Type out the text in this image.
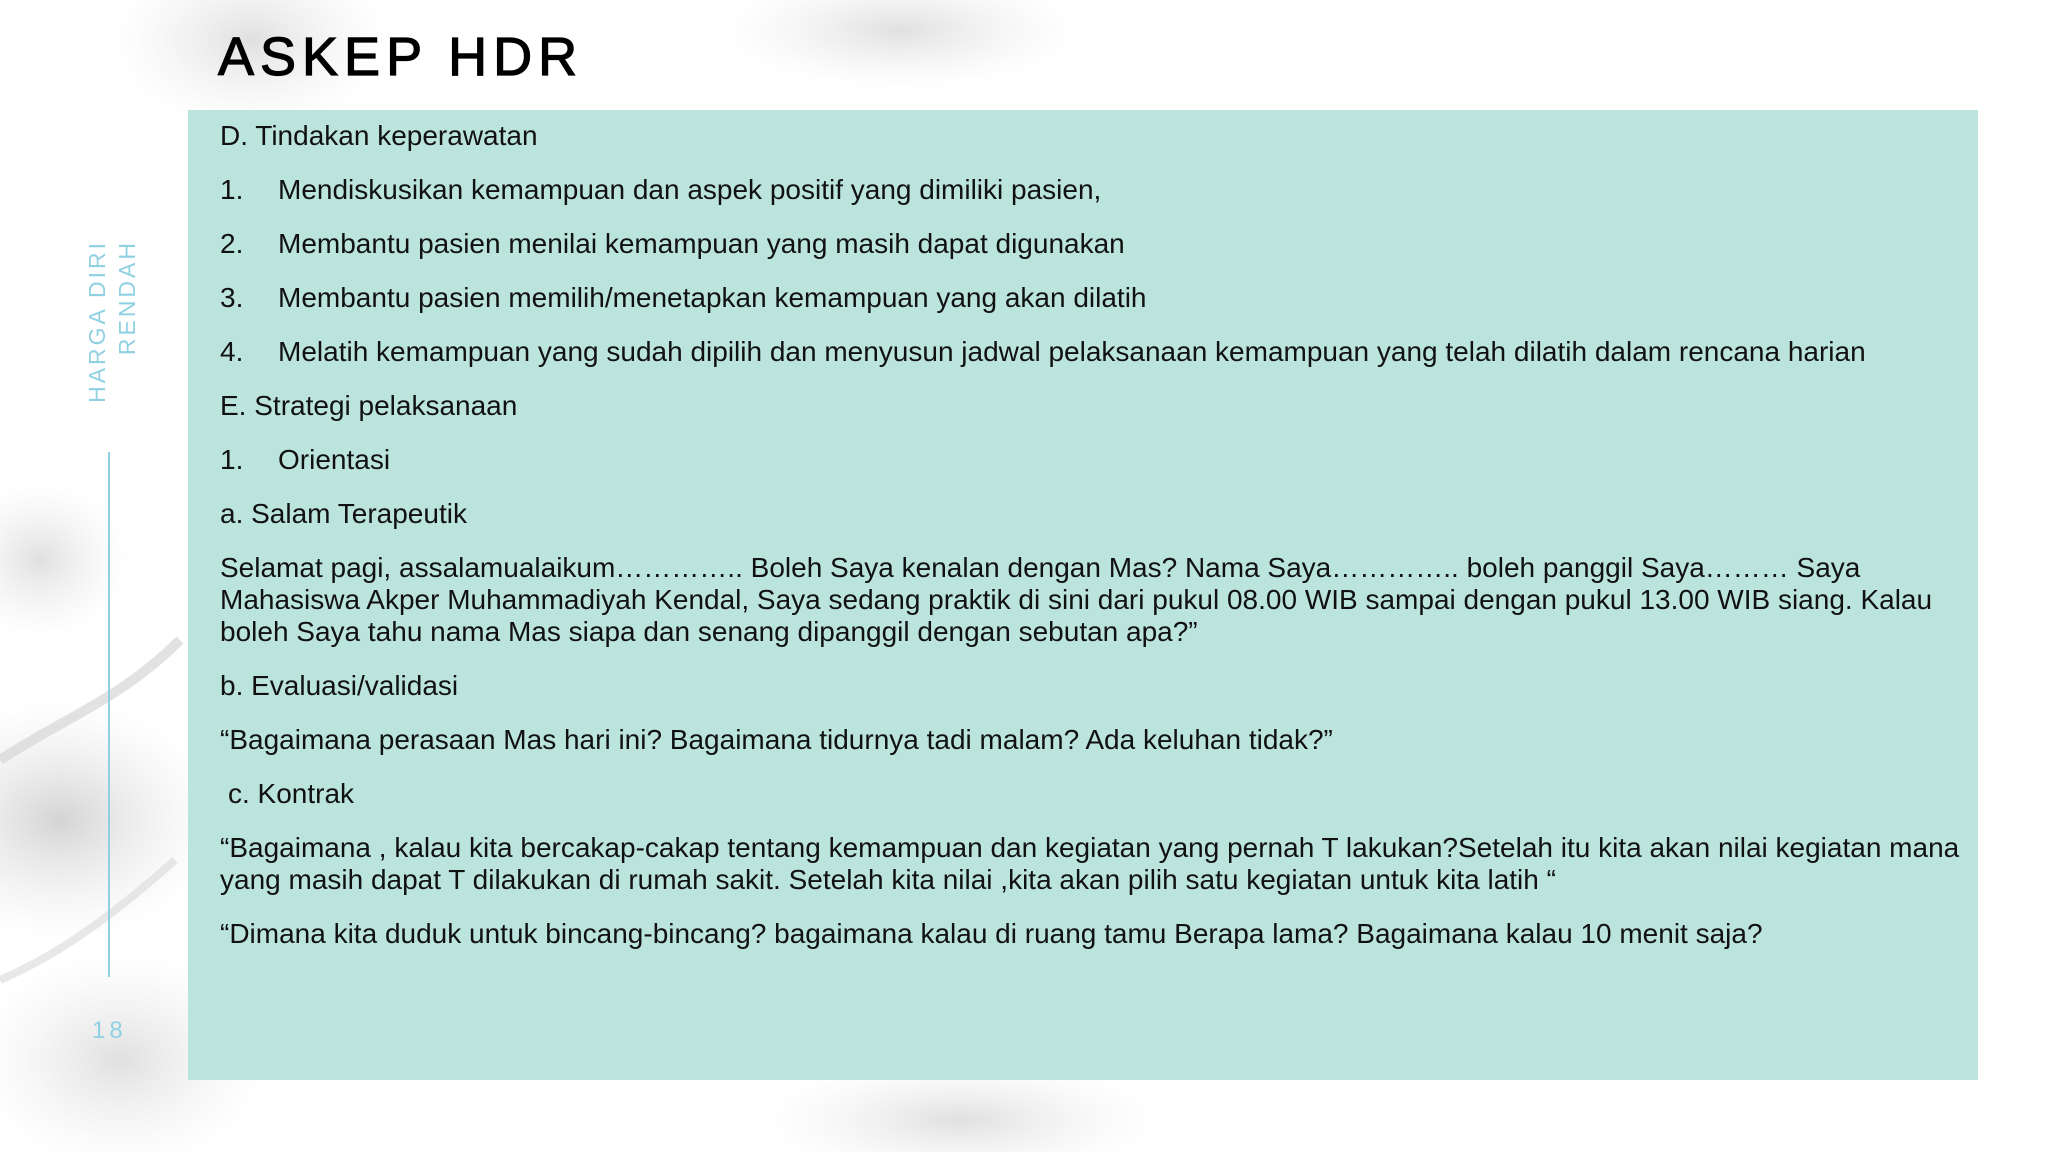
ASKEP HDR
HARGA DIRI RENDAH
18
D. Tindakan keperawatan
1.	Mendiskusikan kemampuan dan aspek positif yang dimiliki pasien,
2.	Membantu pasien menilai kemampuan yang masih dapat digunakan
3.	Membantu pasien memilih/menetapkan kemampuan yang akan dilatih
4.	Melatih kemampuan yang sudah dipilih dan menyusun jadwal pelaksanaan kemampuan yang telah dilatih dalam rencana harian
E. Strategi pelaksanaan
1.	Orientasi
a. Salam Terapeutik
Selamat pagi, assalamualaikum………….. Boleh Saya kenalan dengan Mas? Nama Saya………….. boleh panggil Saya……… Saya Mahasiswa Akper Muhammadiyah Kendal, Saya sedang praktik di sini dari pukul 08.00 WIB sampai dengan pukul 13.00 WIB siang. Kalau boleh Saya tahu nama Mas siapa dan senang dipanggil dengan sebutan apa?”
b. Evaluasi/validasi
“Bagaimana perasaan Mas hari ini? Bagaimana tidurnya tadi malam? Ada keluhan tidak?”
c. Kontrak
“Bagaimana , kalau kita bercakap-cakap tentang kemampuan dan kegiatan yang pernah T lakukan?Setelah itu kita akan nilai kegiatan mana yang masih dapat T dilakukan di rumah sakit. Setelah kita nilai ,kita akan pilih satu kegiatan untuk kita latih “
“Dimana kita duduk untuk bincang-bincang? bagaimana kalau di ruang tamu Berapa lama? Bagaimana kalau 10 menit saja?
